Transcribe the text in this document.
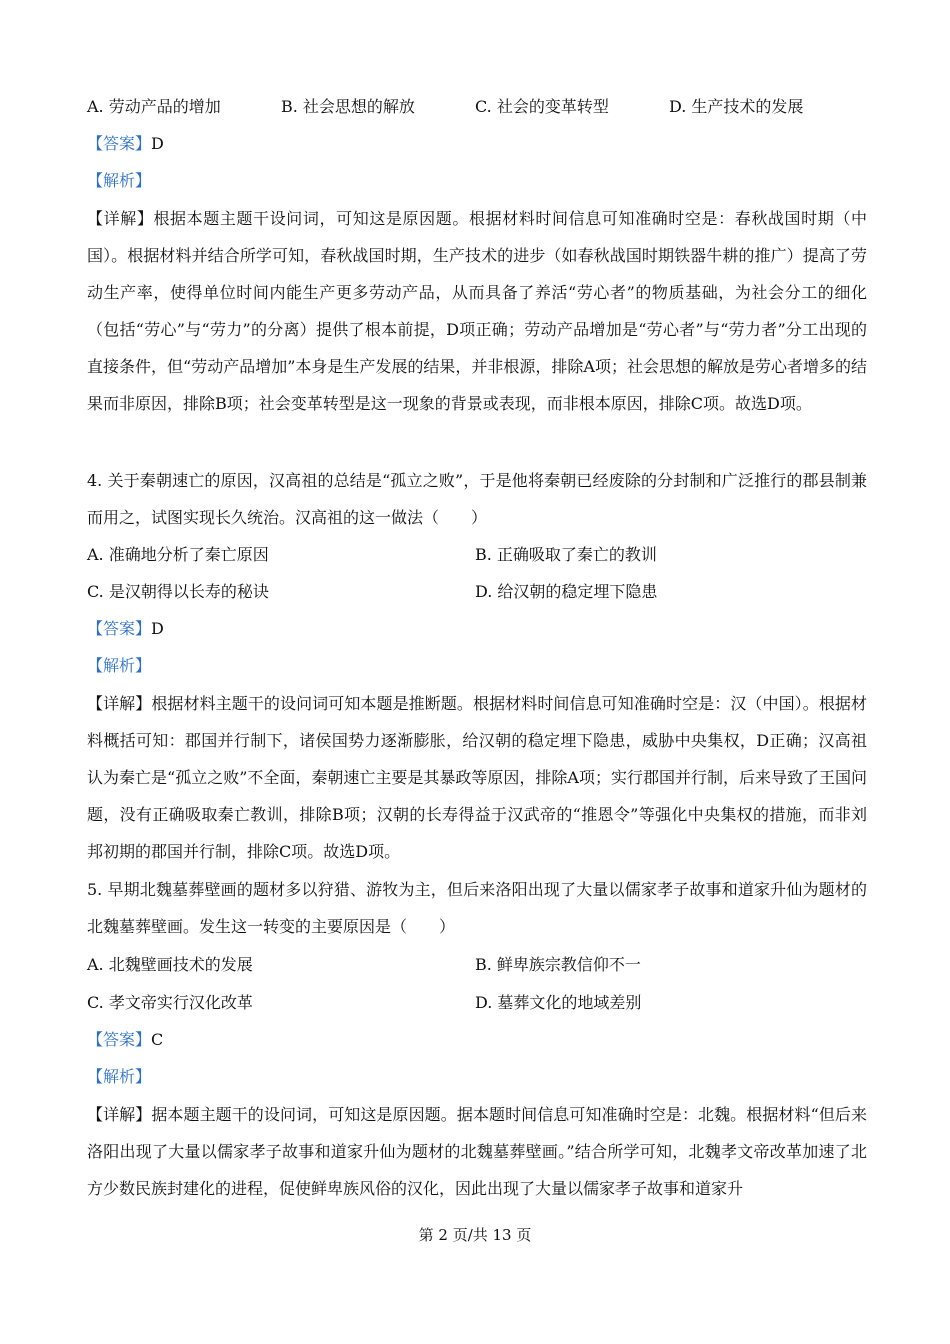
A. 劳动产品的增加	B. 社会思想的解放	C. 社会的变革转型	D. 生产技术的发展
【答案】D
【解析】
【详解】根据本题主题干设问词，可知这是原因题。根据材料时间信息可知准确时空是：春秋战国时期（中国）。根据材料并结合所学可知，春秋战国时期，生产技术的进步（如春秋战国时期铁器牛耕的推广）提高了劳动生产率，使得单位时间内能生产更多劳动产品，从而具备了养活“劳心者”的物质基础，为社会分工的细化（包括“劳心”与“劳力”的分离）提供了根本前提，D项正确；劳动产品增加是“劳心者”与“劳力者”分工出现的直接条件，但“劳动产品增加”本身是生产发展的结果，并非根源，排除A项；社会思想的解放是劳心者增多的结果而非原因，排除B项；社会变革转型是这一现象的背景或表现，而非根本原因，排除C项。故选D项。
4. 关于秦朝速亡的原因，汉高祖的总结是“孤立之败”，于是他将秦朝已经废除的分封制和广泛推行的郡县制兼而用之，试图实现长久统治。汉高祖的这一做法（　　）
A. 准确地分析了秦亡原因	B. 正确吸取了秦亡的教训
C. 是汉朝得以长寿的秘诀	D. 给汉朝的稳定埋下隐患
【答案】D
【解析】
【详解】根据材料主题干的设问词可知本题是推断题。根据材料时间信息可知准确时空是：汉（中国）。根据材料概括可知：郡国并行制下，诸侯国势力逐渐膨胀，给汉朝的稳定埋下隐患，威胁中央集权，D正确；汉高祖认为秦亡是“孤立之败”不全面，秦朝速亡主要是其暴政等原因，排除A项；实行郡国并行制，后来导致了王国问题，没有正确吸取秦亡教训，排除B项；汉朝的长寿得益于汉武帝的“推恩令”等强化中央集权的措施，而非刘邦初期的郡国并行制，排除C项。故选D项。
5. 早期北魏墓葬壁画的题材多以狩猎、游牧为主，但后来洛阳出现了大量以儒家孝子故事和道家升仙为题材的北魏墓葬壁画。发生这一转变的主要原因是（　　）
A. 北魏壁画技术的发展	B. 鲜卑族宗教信仰不一
C. 孝文帝实行汉化改革	D. 墓葬文化的地域差别
【答案】C
【解析】
【详解】据本题主题干的设问词，可知这是原因题。据本题时间信息可知准确时空是：北魏。根据材料“但后来洛阳出现了大量以儒家孝子故事和道家升仙为题材的北魏墓葬壁画。”结合所学可知，北魏孝文帝改革加速了北方少数民族封建化的进程，促使鲜卑族风俗的汉化，因此出现了大量以儒家孝子故事和道家升
第 2 页/共 13 页
